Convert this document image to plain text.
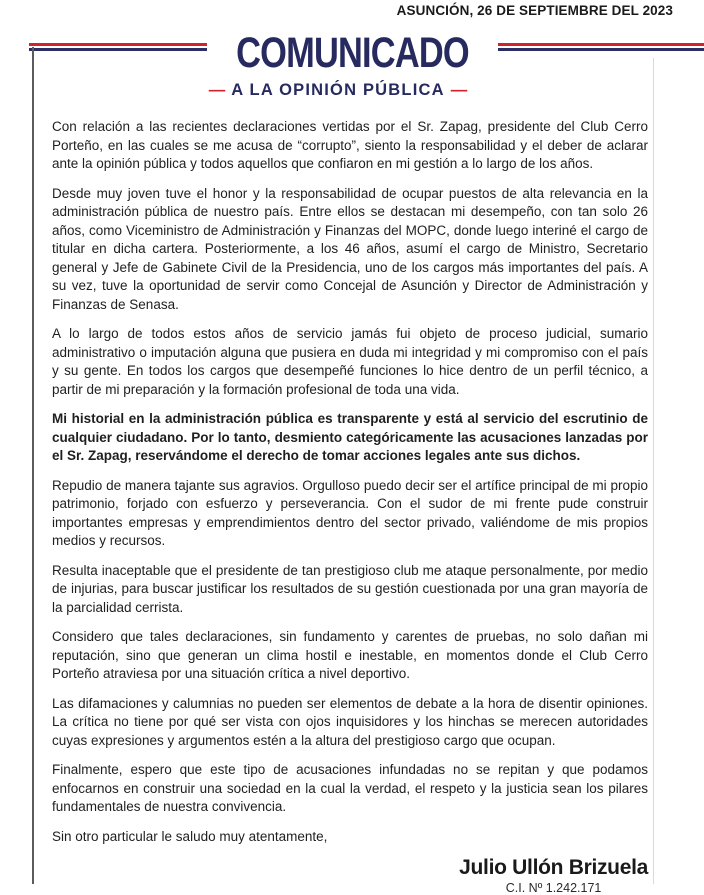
ASUNCIÓN, 26 DE SEPTIEMBRE DEL 2023
COMUNICADO
— A LA OPINIÓN PÚBLICA —

Con relación a las recientes declaraciones vertidas por el Sr. Zapag, presidente del Club Cerro Porteño, en las cuales se me acusa de “corrupto”, siento la responsabilidad y el deber de aclarar ante la opinión pública y todos aquellos que confiaron en mi gestión a lo largo de los años.

Desde muy joven tuve el honor y la responsabilidad de ocupar puestos de alta relevancia en la administración pública de nuestro país. Entre ellos se destacan mi desempeño, con tan solo 26 años, como Viceministro de Administración y Finanzas del MOPC, donde luego interiné el cargo de titular en dicha cartera. Posteriormente, a los 46 años, asumí el cargo de Ministro, Secretario general y Jefe de Gabinete Civil de la Presidencia, uno de los cargos más importantes del país. A su vez, tuve la oportunidad de servir como Concejal de Asunción y Director de Administración y Finanzas de Senasa.

A lo largo de todos estos años de servicio jamás fui objeto de proceso judicial, sumario administrativo o imputación alguna que pusiera en duda mi integridad y mi compromiso con el país y su gente. En todos los cargos que desempeñé funciones lo hice dentro de un perfil técnico, a partir de mi preparación y la formación profesional de toda una vida.

Mi historial en la administración pública es transparente y está al servicio del escrutinio de cualquier ciudadano. Por lo tanto, desmiento categóricamente las acusaciones lanzadas por el Sr. Zapag, reservándome el derecho de tomar acciones legales ante sus dichos.

Repudio de manera tajante sus agravios. Orgulloso puedo decir ser el artífice principal de mi propio patrimonio, forjado con esfuerzo y perseverancia. Con el sudor de mi frente pude construir importantes empresas y emprendimientos dentro del sector privado, valiéndome de mis propios medios y recursos.

Resulta inaceptable que el presidente de tan prestigioso club me ataque personalmente, por medio de injurias, para buscar justificar los resultados de su gestión cuestionada por una gran mayoría de la parcialidad cerrista.

Considero que tales declaraciones, sin fundamento y carentes de pruebas, no solo dañan mi reputación, sino que generan un clima hostil e inestable, en momentos donde el Club Cerro Porteño atraviesa por una situación crítica a nivel deportivo.

Las difamaciones y calumnias no pueden ser elementos de debate a la hora de disentir opiniones. La crítica no tiene por qué ser vista con ojos inquisidores y los hinchas se merecen autoridades cuyas expresiones y argumentos estén a la altura del prestigioso cargo que ocupan.

Finalmente, espero que este tipo de acusaciones infundadas no se repitan y que podamos enfocarnos en construir una sociedad en la cual la verdad, el respeto y la justicia sean los pilares fundamentales de nuestra convivencia.

Sin otro particular le saludo muy atentamente,

Julio Ullón Brizuela
C.I. Nº 1.242.171
